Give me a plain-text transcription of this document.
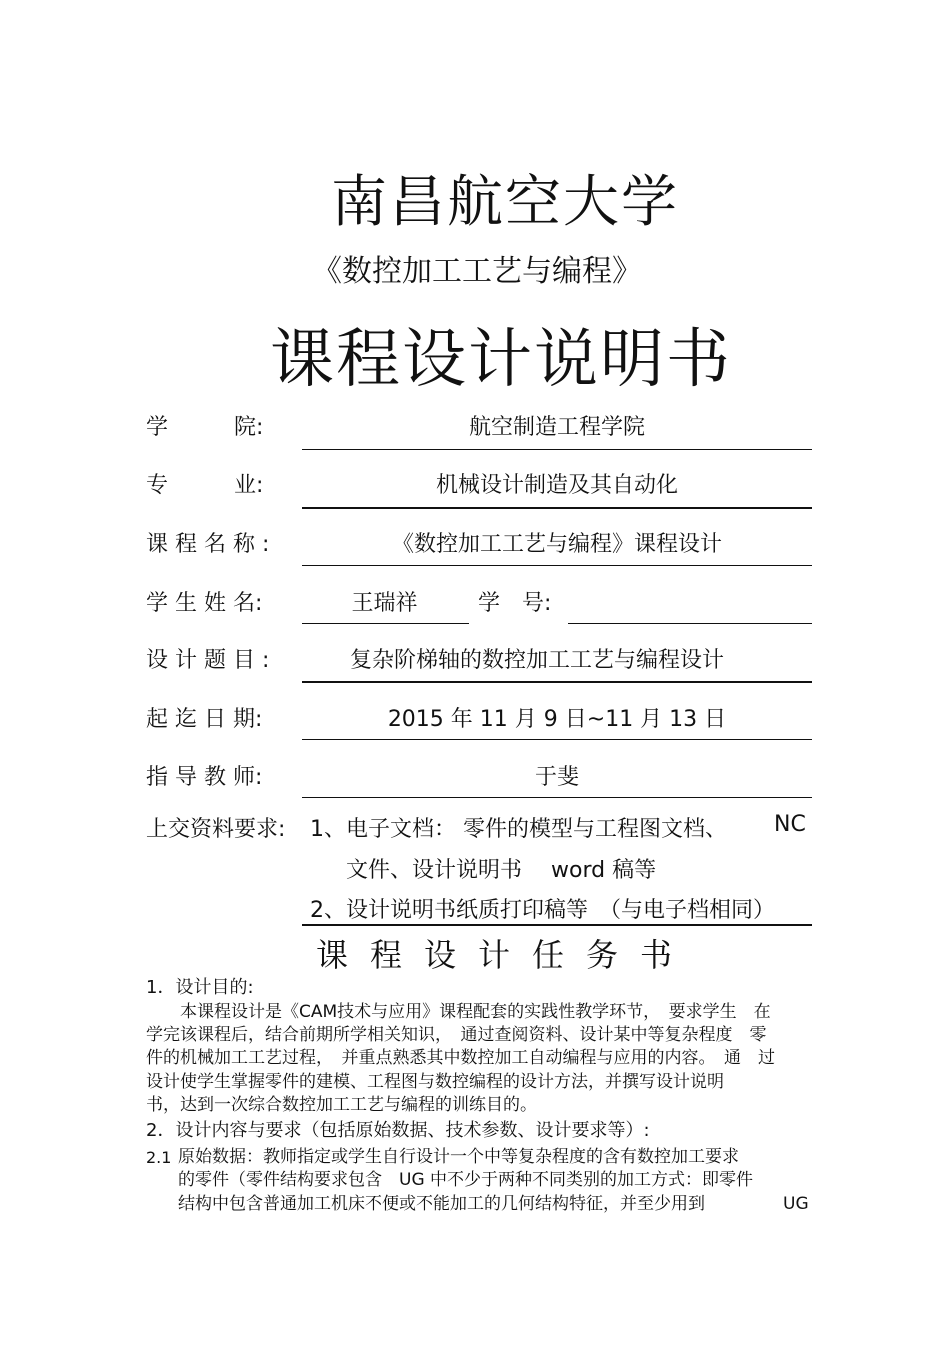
南昌航空大学
《数控加工工艺与编程》
课程设计说明书
学　　　院:	航空制造工程学院
专　　　业:	机械设计制造及其自动化
课 程 名 称 :	《数控加工工艺与编程》课程设计
学 生 姓 名:	王瑞祥	学　号:
设 计 题 目 :	复杂阶梯轴的数控加工工艺与编程设计
起 迄 日 期:	2015 年 11 月 9 日~11 月 13 日
指 导 教 师:	于斐
上交资料要求: 1、电子文档： 零件的模型与工程图文档、 NC
文件、设计说明书　 word 稿等
2、设计说明书纸质打印稿等　（与电子档相同）
课程设计任务书
1．设计目的:
本课程设计是《CAM技术与应用》课程配套的实践性教学环节，　要求学生　在
学完该课程后，结合前期所学相关知识，　通过查阅资料、设计某中等复杂程度　零
件的机械加工工艺过程，　并重点熟悉其中数控加工自动编程与应用的内容。　通　过
设计使学生掌握零件的建模、工程图与数控编程的设计方法，并撰写设计说明
书，达到一次综合数控加工工艺与编程的训练目的。
2．设计内容与要求（包括原始数据、技术参数、设计要求等）:
2.1 原始数据：教师指定或学生自行设计一个中等复杂程度的含有数控加工要求
的零件（零件结构要求包含　UG 中不少于两种不同类别的加工方式：即零件
结构中包含普通加工机床不便或不能加工的几何结构特征，并至少用到	UG
